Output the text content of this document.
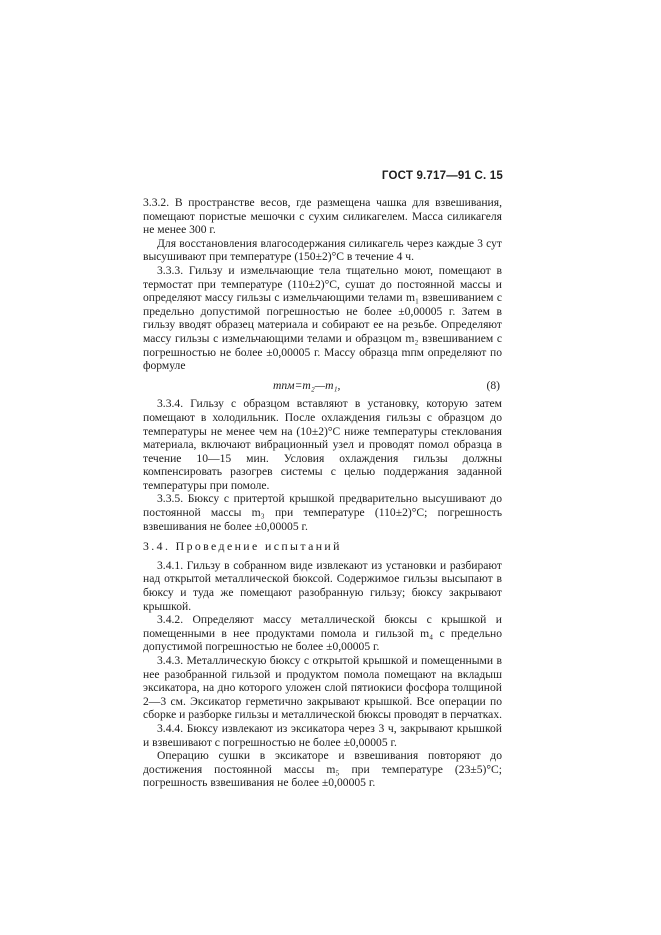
ГОСТ 9.717—91 С. 15

3.3.2. В пространстве весов, где размещена чашка для взвешивания, помещают пористые мешочки с сухим силикагелем. Масса силикагеля не менее 300 г.

Для восстановления влагосодержания силикагель через каждые 3 сут высушивают при температуре (150±2)°С в течение 4 ч.

3.3.3. Гильзу и измельчающие тела тщательно моют, помещают в термостат при температуре (110±2)°С, сушат до постоянной массы и определяют массу гильзы с измельчающими телами m₁ взвешиванием с предельно допустимой погрешностью не более ±0,00005 г. Затем в гильзу вводят образец материала и собирают ее на резьбе. Определяют массу гильзы с измельчающими телами и образцом m₂ взвешиванием с погрешностью не более ±0,00005 г. Массу образца mпм определяют по формуле

mпм=m₂—m₁,	(8)

3.3.4. Гильзу с образцом вставляют в установку, которую затем помещают в холодильник. После охлаждения гильзы с образцом до температуры не менее чем на (10±2)°С ниже температуры стеклования материала, включают вибрационный узел и проводят помол образца в течение 10—15 мин. Условия охлаждения гильзы должны компенсировать разогрев системы с целью поддержания заданной температуры при помоле.

3.3.5. Бюксу с притертой крышкой предварительно высушивают до постоянной массы m₃ при температуре (110±2)°С; погрешность взвешивания не более ±0,00005 г.

3.4. Проведение испытаний

3.4.1. Гильзу в собранном виде извлекают из установки и разбирают над открытой металлической бюксой. Содержимое гильзы высыпают в бюксу и туда же помещают разобранную гильзу; бюксу закрывают крышкой.

3.4.2. Определяют массу металлической бюксы с крышкой и помещенными в нее продуктами помола и гильзой m₄ с предельно допустимой погрешностью не более ±0,00005 г.

3.4.3. Металлическую бюксу с открытой крышкой и помещенными в нее разобранной гильзой и продуктом помола помещают на вкладыш эксикатора, на дно которого уложен слой пятиокиси фосфора толщиной 2—3 см. Эксикатор герметично закрывают крышкой. Все операции по сборке и разборке гильзы и металлической бюксы проводят в перчатках.

3.4.4. Бюксу извлекают из эксикатора через 3 ч, закрывают крышкой и взвешивают с погрешностью не более ±0,00005 г.

Операцию сушки в эксикаторе и взвешивания повторяют до достижения постоянной массы m₅ при температуре (23±5)°С; погрешность взвешивания не более ±0,00005 г.
